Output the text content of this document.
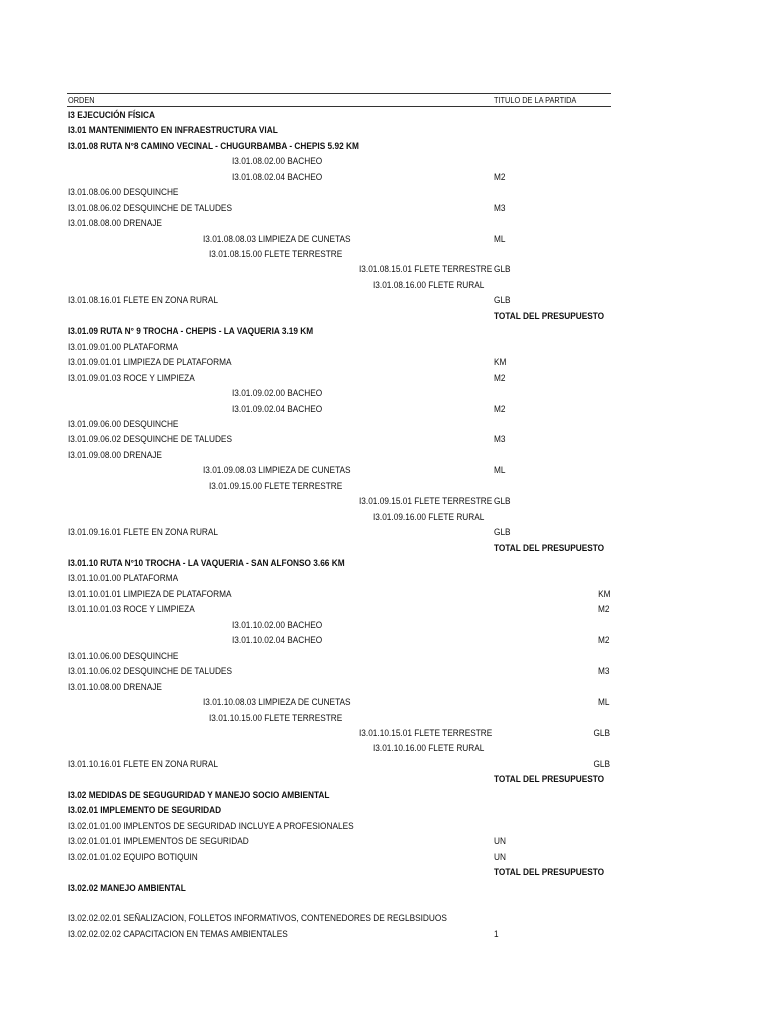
ORDEN	TITULO DE LA PARTIDA
I3 EJECUCIÓN FÍSICA
I3.01 MANTENIMIENTO EN INFRAESTRUCTURA VIAL
I3.01.08 RUTA N°8 CAMINO VECINAL - CHUGURBAMBA - CHEPIS 5.92 KM
I3.01.08.02.00 BACHEO
I3.01.08.02.04 BACHEO	M2
I3.01.08.06.00 DESQUINCHE
I3.01.08.06.02 DESQUINCHE DE TALUDES	M3
I3.01.08.08.00 DRENAJE
I3.01.08.08.03 LIMPIEZA DE CUNETAS	ML
I3.01.08.15.00 FLETE TERRESTRE
I3.01.08.15.01 FLETE TERRESTRE GLB
I3.01.08.16.00 FLETE RURAL
I3.01.08.16.01 FLETE EN ZONA RURAL	GLB
TOTAL DEL PRESUPUESTO
I3.01.09 RUTA N° 9 TROCHA - CHEPIS - LA VAQUERIA 3.19 KM
I3.01.09.01.00 PLATAFORMA
I3.01.09.01.01 LIMPIEZA DE PLATAFORMA	KM
I3.01.09.01.03 ROCE Y LIMPIEZA	M2
I3.01.09.02.00 BACHEO
I3.01.09.02.04 BACHEO	M2
I3.01.09.06.00 DESQUINCHE
I3.01.09.06.02 DESQUINCHE DE TALUDES	M3
I3.01.09.08.00 DRENAJE
I3.01.09.08.03 LIMPIEZA DE CUNETAS	ML
I3.01.09.15.00 FLETE TERRESTRE
I3.01.09.15.01 FLETE TERRESTRE GLB
I3.01.09.16.00 FLETE RURAL
I3.01.09.16.01 FLETE EN ZONA RURAL	GLB
TOTAL DEL PRESUPUESTO
I3.01.10 RUTA N°10 TROCHA - LA VAQUERIA - SAN ALFONSO 3.66 KM
I3.01.10.01.00 PLATAFORMA
I3.01.10.01.01 LIMPIEZA DE PLATAFORMA	KM
I3.01.10.01.03 ROCE Y LIMPIEZA	M2
I3.01.10.02.00 BACHEO
I3.01.10.02.04 BACHEO	M2
I3.01.10.06.00 DESQUINCHE
I3.01.10.06.02 DESQUINCHE DE TALUDES	M3
I3.01.10.08.00 DRENAJE
I3.01.10.08.03 LIMPIEZA DE CUNETAS	ML
I3.01.10.15.00 FLETE TERRESTRE
I3.01.10.15.01 FLETE TERRESTRE	GLB
I3.01.10.16.00 FLETE RURAL
I3.01.10.16.01 FLETE EN ZONA RURAL	GLB
TOTAL DEL PRESUPUESTO
I3.02 MEDIDAS DE SEGUGURIDAD Y MANEJO SOCIO AMBIENTAL
I3.02.01 IMPLEMENTO DE SEGURIDAD
I3.02.01.01.00 IMPLENTOS DE SEGURIDAD INCLUYE A PROFESIONALES
I3.02.01.01.01 IMPLEMENTOS DE SEGURIDAD	UN
I3.02.01.01.02 EQUIPO BOTIQUIN	UN
TOTAL DEL PRESUPUESTO
I3.02.02 MANEJO AMBIENTAL
I3.02.02.02.01 SEÑALIZACION, FOLLETOS INFORMATIVOS, CONTENEDORES DE REGLBSIDUOS
I3.02.02.02.02 CAPACITACION EN TEMAS AMBIENTALES	1
